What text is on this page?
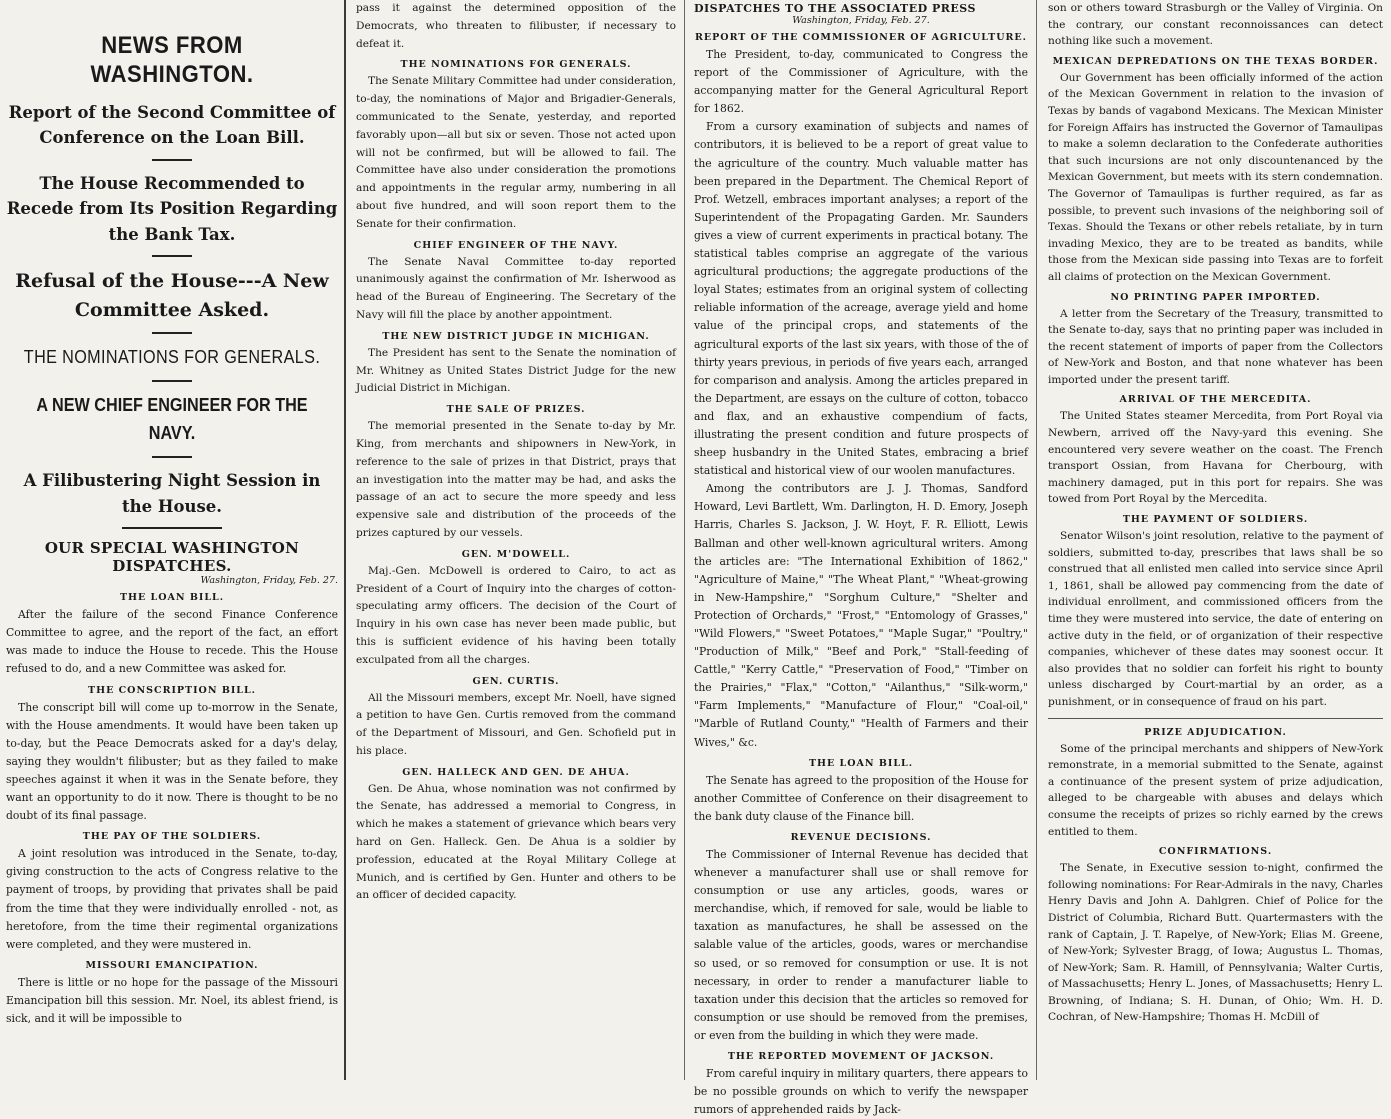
NEWS FROM WASHINGTON.
Report of the Second Committee of Conference on the Loan Bill.
The House Recommended to Recede from Its Position Regarding the Bank Tax.
Refusal of the House---A New Committee Asked.
THE NOMINATIONS FOR GENERALS.
A NEW CHIEF ENGINEER FOR THE NAVY.
A Filibustering Night Session in the House.
OUR SPECIAL WASHINGTON DISPATCHES.
Washington, Friday, Feb. 27.
THE LOAN BILL.

After the failure of the second Finance Conference Committee to agree, and the report of the fact, an effort was made to induce the House to recede. This the House refused to do, and a new Committee was asked for.

THE CONSCRIPTION BILL.

The conscript bill will come up to-morrow in the Senate, with the House amendments. It would have been taken up to-day, but the Peace Democrats asked for a day's delay, saying they wouldn't filibuster; but as they failed to make speeches against it when it was in the Senate before, they want an opportunity to do it now. There is thought to be no doubt of its final passage.

THE PAY OF THE SOLDIERS.

A joint resolution was introduced in the Senate, to-day, giving construction to the acts of Congress relative to the payment of troops, by providing that privates shall be paid from the time that they were individually enrolled - not, as heretofore, from the time their regimental organizations were completed, and they were mustered in.

MISSOURI EMANCIPATION.

There is little or no hope for the passage of the Missouri Emancipation bill this session. Mr. Noel, its ablest friend, is sick, and it will be impossible to

pass it against the determined opposition of the Democrats, who threaten to filibuster, if necessary to defeat it.

THE NOMINATIONS FOR GENERALS.

The Senate Military Committee had under consideration, to-day, the nominations of Major and Brigadier-Generals, communicated to the Senate, yesterday, and reported favorably upon—all but six or seven. Those not acted upon will not be confirmed, but will be allowed to fail. The Committee have also under consideration the promotions and appointments in the regular army, numbering in all about five hundred, and will soon report them to the Senate for their confirmation.

CHIEF ENGINEER OF THE NAVY.

The Senate Naval Committee to-day reported unanimously against the confirmation of Mr. Isherwood as head of the Bureau of Engineering. The Secretary of the Navy will fill the place by another appointment.

THE NEW DISTRICT JUDGE IN MICHIGAN.

The President has sent to the Senate the nomination of Mr. Whitney as United States District Judge for the new Judicial District in Michigan.

THE SALE OF PRIZES.

The memorial presented in the Senate to-day by Mr. King, from merchants and shipowners in New-York, in reference to the sale of prizes in that District, prays that an investigation into the matter may be had, and asks the passage of an act to secure the more speedy and less expensive sale and distribution of the proceeds of the prizes captured by our vessels.

GEN. M'DOWELL.

Maj.-Gen. McDowell is ordered to Cairo, to act as President of a Court of Inquiry into the charges of cotton-speculating army officers. The decision of the Court of Inquiry in his own case has never been made public, but this is sufficient evidence of his having been totally exculpated from all the charges.

GEN. CURTIS.

All the Missouri members, except Mr. Noell, have signed a petition to have Gen. Curtis removed from the command of the Department of Missouri, and Gen. Schofield put in his place.

GEN. HALLECK AND GEN. DE AHUA.

Gen. De Ahua, whose nomination was not confirmed by the Senate, has addressed a memorial to Congress, in which he makes a statement of grievance which bears very hard on Gen. Halleck. Gen. De Ahua is a soldier by profession, educated at the Royal Military College at Munich, and is certified by Gen. Hunter and others to be an officer of decided capacity.

DISPATCHES TO THE ASSOCIATED PRESS
Washington, Friday, Feb. 27.
REPORT OF THE COMMISSIONER OF AGRICULTURE.

The President, to-day, communicated to Congress the report of the Commissioner of Agriculture, with the accompanying matter for the General Agricultural Report for 1862.

From a cursory examination of subjects and names of contributors, it is believed to be a report of great value to the agriculture of the country. Much valuable matter has been prepared in the Department. The Chemical Report of Prof. Wetzell, embraces important analyses; a report of the Superintendent of the Propagating Garden. Mr. Saunders gives a view of current experiments in practical botany. The statistical tables comprise an aggregate of the various agricultural productions; the aggregate productions of the loyal States; estimates from an original system of collecting reliable information of the acreage, average yield and home value of the principal crops, and statements of the agricultural exports of the last six years, with those of the of thirty years previous, in periods of five years each, arranged for comparison and analysis. Among the articles prepared in the Department, are essays on the culture of cotton, tobacco and flax, and an exhaustive compendium of facts, illustrating the present condition and future prospects of sheep husbandry in the United States, embracing a brief statistical and historical view of our woolen manufactures.

Among the contributors are J. J. Thomas, Sandford Howard, Levi Bartlett, Wm. Darlington, H. D. Emory, Joseph Harris, Charles S. Jackson, J. W. Hoyt, F. R. Elliott, Lewis Ballman and other well-known agricultural writers. Among the articles are: "The International Exhibition of 1862," "Agriculture of Maine," "The Wheat Plant," "Wheat-growing in New-Hampshire," "Sorghum Culture," "Shelter and Protection of Orchards," "Frost," "Entomology of Grasses," "Wild Flowers," "Sweet Potatoes," "Maple Sugar," "Poultry," "Production of Milk," "Beef and Pork," "Stall-feeding of Cattle," "Kerry Cattle," "Preservation of Food," "Timber on the Prairies," "Flax," "Cotton," "Ailanthus," "Silk-worm," "Farm Implements," "Manufacture of Flour," "Coal-oil," "Marble of Rutland County," "Health of Farmers and their Wives," &c.

THE LOAN BILL.

The Senate has agreed to the proposition of the House for another Committee of Conference on their disagreement to the bank duty clause of the Finance bill.

REVENUE DECISIONS.

The Commissioner of Internal Revenue has decided that whenever a manufacturer shall use or shall remove for consumption or use any articles, goods, wares or merchandise, which, if removed for sale, would be liable to taxation as manufactures, he shall be assessed on the salable value of the articles, goods, wares or merchandise so used, or so removed for consumption or use. It is not necessary, in order to render a manufacturer liable to taxation under this decision that the articles so removed for consumption or use should be removed from the premises, or even from the building in which they were made.

THE REPORTED MOVEMENT OF JACKSON.

From careful inquiry in military quarters, there appears to be no possible grounds on which to verify the newspaper rumors of apprehended raids by Jack-

son or others toward Strasburgh or the Valley of Virginia. On the contrary, our constant reconnoissances can detect nothing like such a movement.

MEXICAN DEPREDATIONS ON THE TEXAS BORDER.

Our Government has been officially informed of the action of the Mexican Government in relation to the invasion of Texas by bands of vagabond Mexicans. The Mexican Minister for Foreign Affairs has instructed the Governor of Tamaulipas to make a solemn declaration to the Confederate authorities that such incursions are not only discountenanced by the Mexican Government, but meets with its stern condemnation. The Governor of Tamaulipas is further required, as far as possible, to prevent such invasions of the neighboring soil of Texas. Should the Texans or other rebels retaliate, by in turn invading Mexico, they are to be treated as bandits, while those from the Mexican side passing into Texas are to forfeit all claims of protection on the Mexican Government.

NO PRINTING PAPER IMPORTED.

A letter from the Secretary of the Treasury, transmitted to the Senate to-day, says that no printing paper was included in the recent statement of imports of paper from the Collectors of New-York and Boston, and that none whatever has been imported under the present tariff.

ARRIVAL OF THE MERCEDITA.

The United States steamer Mercedita, from Port Royal via Newbern, arrived off the Navy-yard this evening. She encountered very severe weather on the coast. The French transport Ossian, from Havana for Cherbourg, with machinery damaged, put in this port for repairs. She was towed from Port Royal by the Mercedita.

THE PAYMENT OF SOLDIERS.

Senator Wilson's joint resolution, relative to the payment of soldiers, submitted to-day, prescribes that laws shall be so construed that all enlisted men called into service since April 1, 1861, shall be allowed pay commencing from the date of individual enrollment, and commissioned officers from the time they were mustered into service, the date of entering on active duty in the field, or of organization of their respective companies, whichever of these dates may soonest occur. It also provides that no soldier can forfeit his right to bounty unless discharged by Court-martial by an order, as a punishment, or in consequence of fraud on his part.

PRIZE ADJUDICATION.

Some of the principal merchants and shippers of New-York remonstrate, in a memorial submitted to the Senate, against a continuance of the present system of prize adjudication, alleged to be chargeable with abuses and delays which consume the receipts of prizes so richly earned by the crews entitled to them.

CONFIRMATIONS.

The Senate, in Executive session to-night, confirmed the following nominations: For Rear-Admirals in the navy, Charles Henry Davis and John A. Dahlgren. Chief of Police for the District of Columbia, Richard Butt. Quartermasters with the rank of Captain, J. T. Rapelye, of New-York; Elias M. Greene, of New-York; Sylvester Bragg, of Iowa; Augustus L. Thomas, of New-York; Sam. R. Hamill, of Pennsylvania; Walter Curtis, of Massachusetts; Henry L. Jones, of Massachusetts; Henry L. Browning, of Indiana; S. H. Dunan, of Ohio; Wm. H. D. Cochran, of New-Hampshire; Thomas H. McDill of
